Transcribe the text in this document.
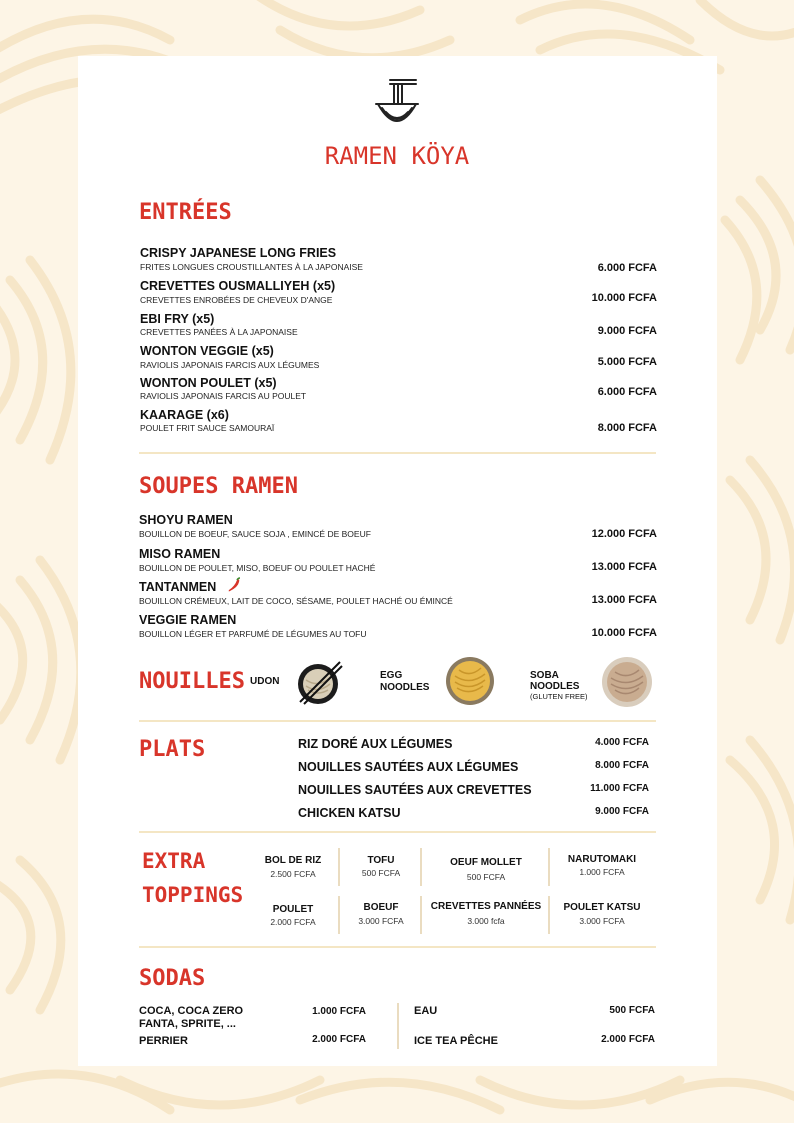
RAMEN KÖYA
ENTRÉES
CRISPY JAPANESE LONG FRIES
FRITES LONGUES CROUSTILLANTES À LA JAPONAISE	6.000 FCFA
CREVETTES OUSMALLIYEH (x5)
CREVETTES ENROBÉES DE CHEVEUX D'ANGE	10.000 FCFA
EBI FRY (x5)
CREVETTES PANÉES À LA JAPONAISE	9.000 FCFA
WONTON VEGGIE (x5)
RAVIOLIS JAPONAIS FARCIS AUX LÉGUMES	5.000 FCFA
WONTON POULET (x5)
RAVIOLIS JAPONAIS FARCIS AU POULET	6.000 FCFA
KAARAGE (x6)
POULET FRIT SAUCE SAMOURAÏ	8.000 FCFA
SOUPES RAMEN
SHOYU RAMEN
BOUILLON DE BOEUF, SAUCE SOJA , EMINCÉ DE BOEUF	12.000 FCFA
MISO RAMEN
BOUILLON DE POULET, MISO, BOEUF OU POULET HACHÉ	13.000 FCFA
TANTANMEN
BOUILLON CRÉMEUX, LAIT DE COCO, SÉSAME, POULET HACHÉ OU ÉMINCÉ	13.000 FCFA
VEGGIE RAMEN
BOUILLON LÉGER ET PARFUMÉ DE LÉGUMES AU TOFU	10.000 FCFA
NOUILLES UDON
EGG
NOODLES
SOBA
NOODLES
(GLUTEN FREE)
PLATS	RIZ DORÉ AUX LÉGUMES	4.000 FCFA
NOUILLES SAUTÉES AUX LÉGUMES	8.000 FCFA
NOUILLES SAUTÉES AUX CREVETTES	11.000 FCFA
CHICKEN KATSU	9.000 FCFA
EXTRA
TOPPINGS
BOL DE RIZ
2.500 FCFA
TOFU
500 FCFA
OEUF MOLLET
500 FCFA
NARUTOMAKI
1.000 FCFA
POULET
2.000 FCFA
BOEUF
3.000 FCFA
CREVETTES PANNÉES
3.000 fcfa
POULET KATSU
3.000 FCFA
SODAS
COCA, COCA ZERO
FANTA, SPRITE, ...
1.000 FCFA
PERRIER	2.000 FCFA
EAU	500 FCFA
ICE TEA PÊCHE	2.000 FCFA
